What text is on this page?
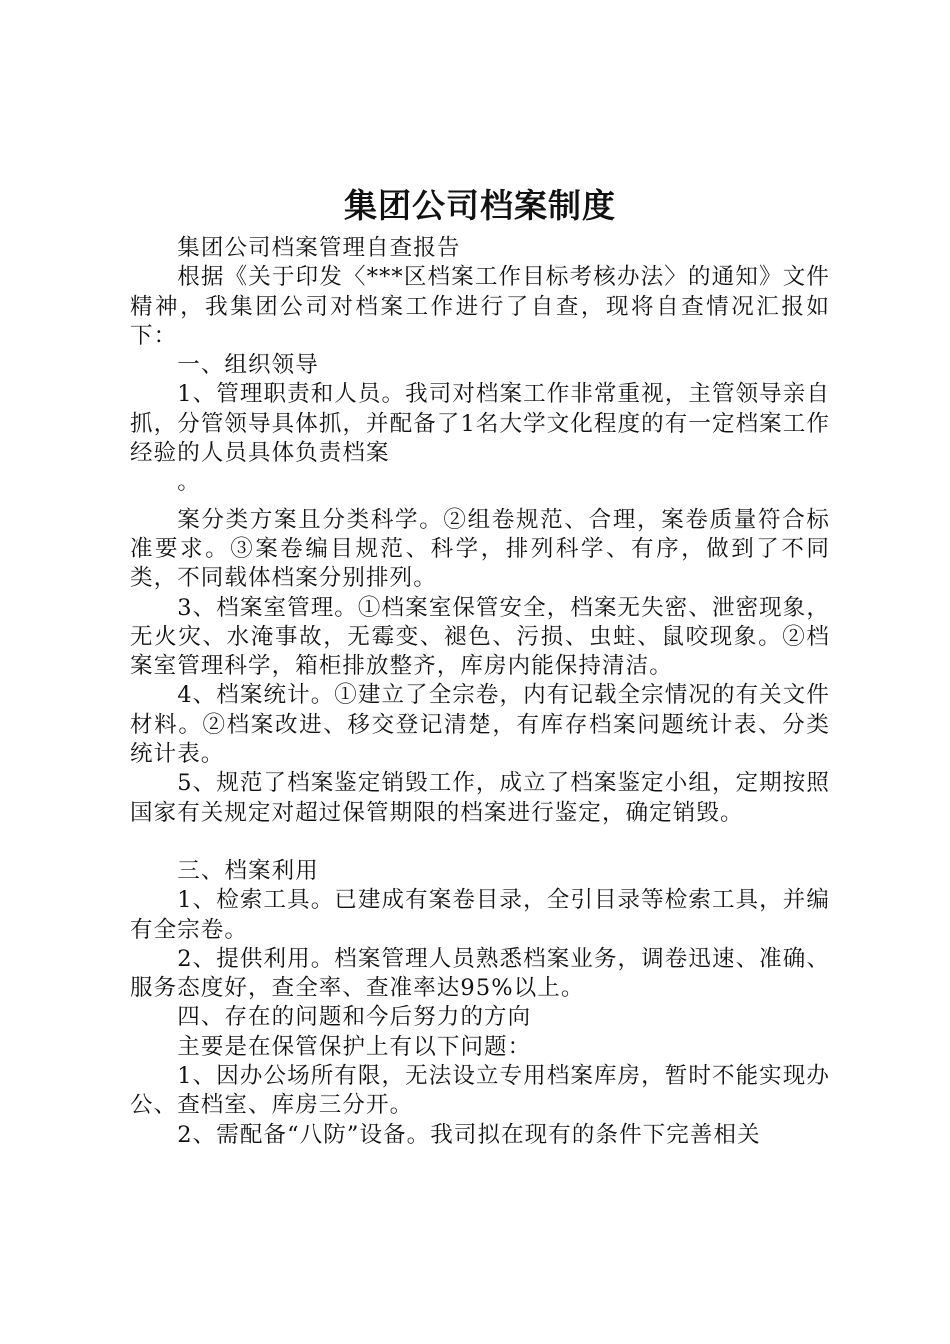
集团公司档案制度

集团公司档案管理自查报告

根据《关于印发〈***区档案工作目标考核办法〉的通知》文件精神，我集团公司对档案工作进行了自查，现将自查情况汇报如下：

一、组织领导

1、管理职责和人员。我司对档案工作非常重视，主管领导亲自抓，分管领导具体抓，并配备了1名大学文化程度的有一定档案工作经验的人员具体负责档案

。

案分类方案且分类科学。②组卷规范、合理，案卷质量符合标准要求。③案卷编目规范、科学，排列科学、有序，做到了不同类，不同载体档案分别排列。

3、档案室管理。①档案室保管安全，档案无失密、泄密现象，无火灾、水淹事故，无霉变、褪色、污损、虫蛀、鼠咬现象。②档案室管理科学，箱柜排放整齐，库房内能保持清洁。

4、档案统计。①建立了全宗卷，内有记载全宗情况的有关文件材料。②档案改进、移交登记清楚，有库存档案问题统计表、分类统计表。

5、规范了档案鉴定销毁工作，成立了档案鉴定小组，定期按照国家有关规定对超过保管期限的档案进行鉴定，确定销毁。

三、档案利用

1、检索工具。已建成有案卷目录，全引目录等检索工具，并编有全宗卷。

2、提供利用。档案管理人员熟悉档案业务，调卷迅速、准确、服务态度好，查全率、查准率达95%以上。

四、存在的问题和今后努力的方向

主要是在保管保护上有以下问题：

1、因办公场所有限，无法设立专用档案库房，暂时不能实现办公、查档室、库房三分开。

2、需配备“八防”设备。我司拟在现有的条件下完善相关
